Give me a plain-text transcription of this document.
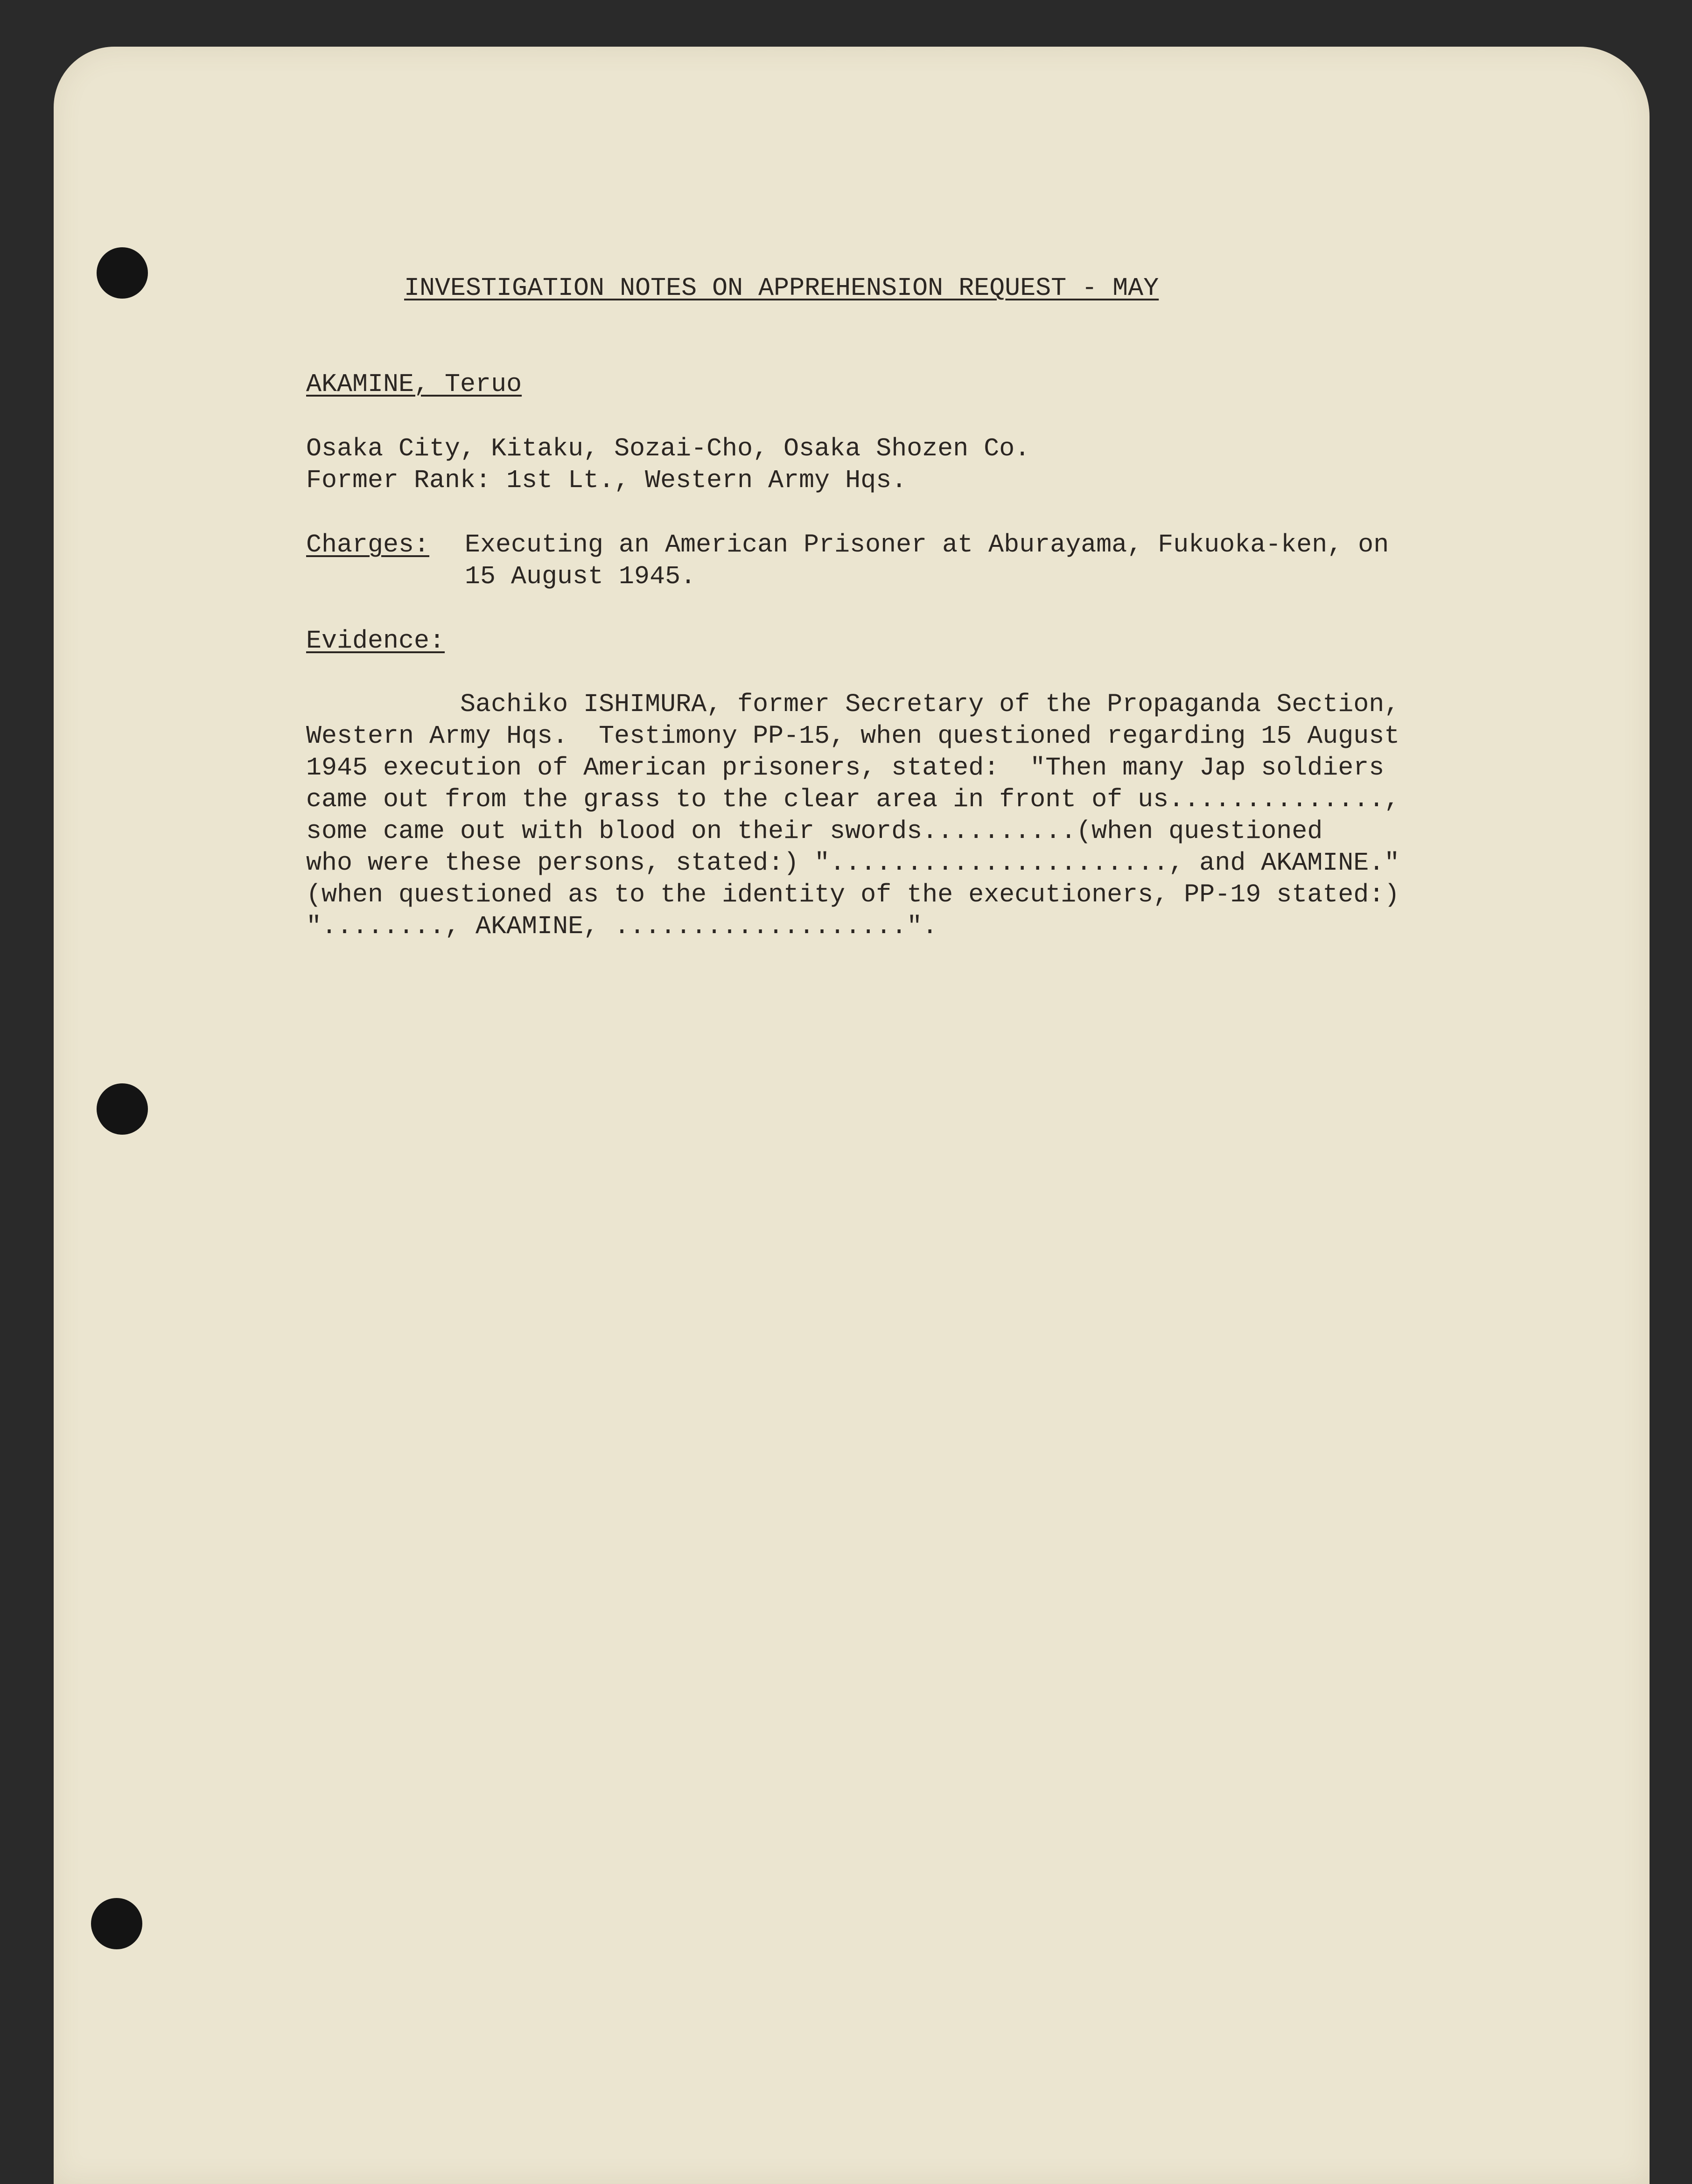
INVESTIGATION NOTES ON APPREHENSION REQUEST - MAY
AKAMINE, Teruo
Osaka City, Kitaku, Sozai-Cho, Osaka Shozen Co.
Former Rank: 1st Lt., Western Army Hqs.
Charges: Executing an American Prisoner at Aburayama, Fukuoka-ken, on
15 August 1945.
Evidence:
Sachiko ISHIMURA, former Secretary of the Propaganda Section,
Western Army Hqs.  Testimony PP-15, when questioned regarding 15 August
1945 execution of American prisoners, stated:  "Then many Jap soldiers
came out from the grass to the clear area in front of us..............,
some came out with blood on their swords..........(when questioned
who were these persons, stated:) "......................, and AKAMINE."
(when questioned as to the identity of the executioners, PP-19 stated:)
"........, AKAMINE, ...................".
